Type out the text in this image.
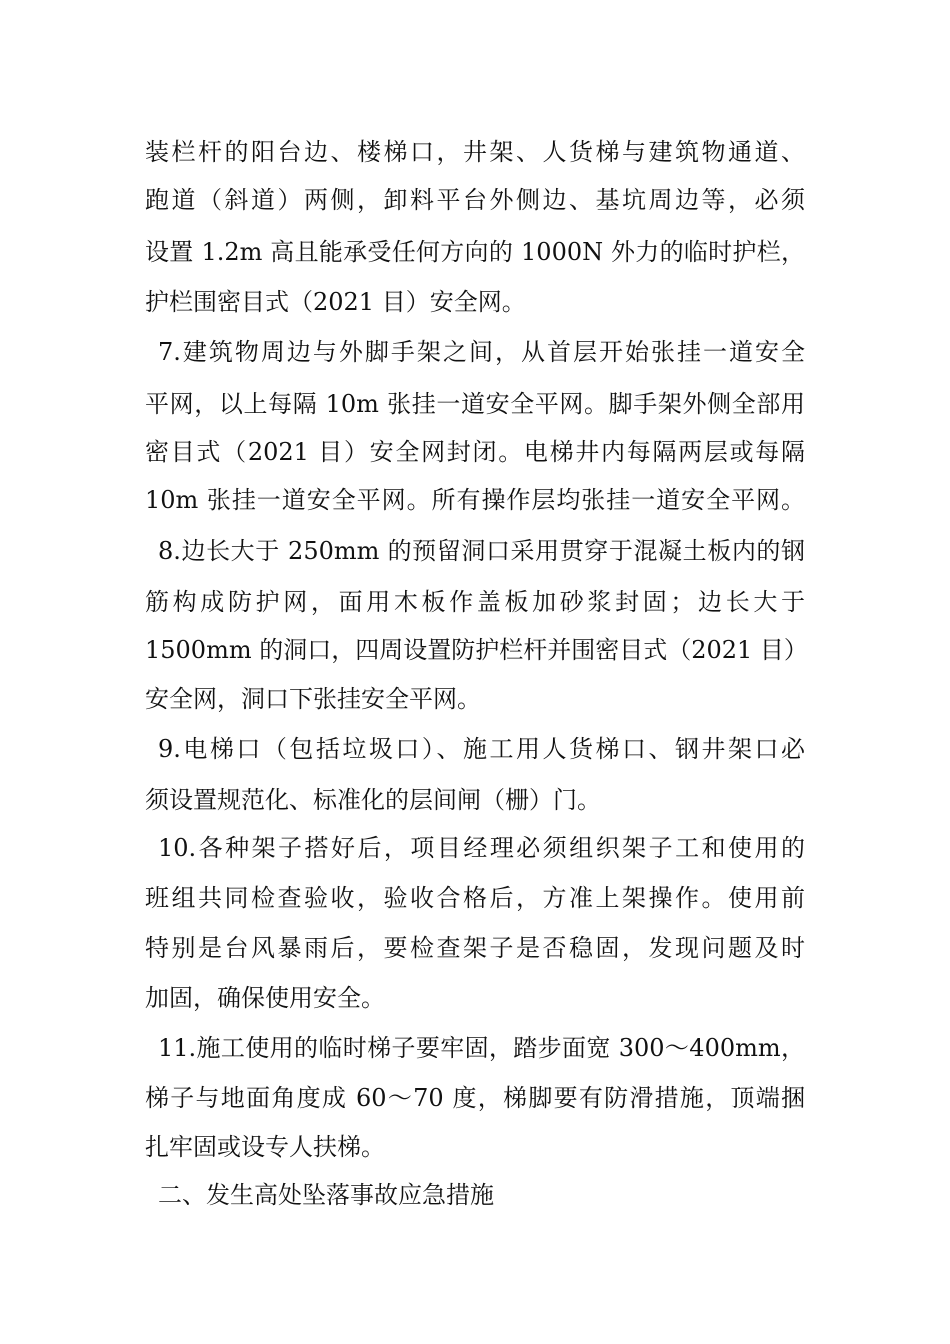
装栏杆的阳台边、楼梯口，井架、人货梯与建筑物通道、
跑道（斜道）两侧，卸料平台外侧边、基坑周边等，必须
设置 1.2m 高且能承受任何方向的 1000N 外力的临时护栏，
护栏围密目式（2021 目）安全网。
7.建筑物周边与外脚手架之间，从首层开始张挂一道安全
平网，以上每隔 10m 张挂一道安全平网。脚手架外侧全部用
密目式（2021 目）安全网封闭。电梯井内每隔两层或每隔
10m 张挂一道安全平网。所有操作层均张挂一道安全平网。
8.边长大于 250mm 的预留洞口采用贯穿于混凝土板内的钢
筋构成防护网，面用木板作盖板加砂浆封固；边长大于
1500mm 的洞口，四周设置防护栏杆并围密目式（2021 目）
安全网，洞口下张挂安全平网。
9.电梯口（包括垃圾口）、施工用人货梯口、钢井架口必
须设置规范化、标准化的层间闸（栅）门。
10.各种架子搭好后，项目经理必须组织架子工和使用的
班组共同检查验收，验收合格后，方准上架操作。使用前
特别是台风暴雨后，要检查架子是否稳固，发现问题及时
加固，确保使用安全。
11.施工使用的临时梯子要牢固，踏步面宽 300～400mm，
梯子与地面角度成 60～70 度，梯脚要有防滑措施，顶端捆
扎牢固或设专人扶梯。
二、发生高处坠落事故应急措施
